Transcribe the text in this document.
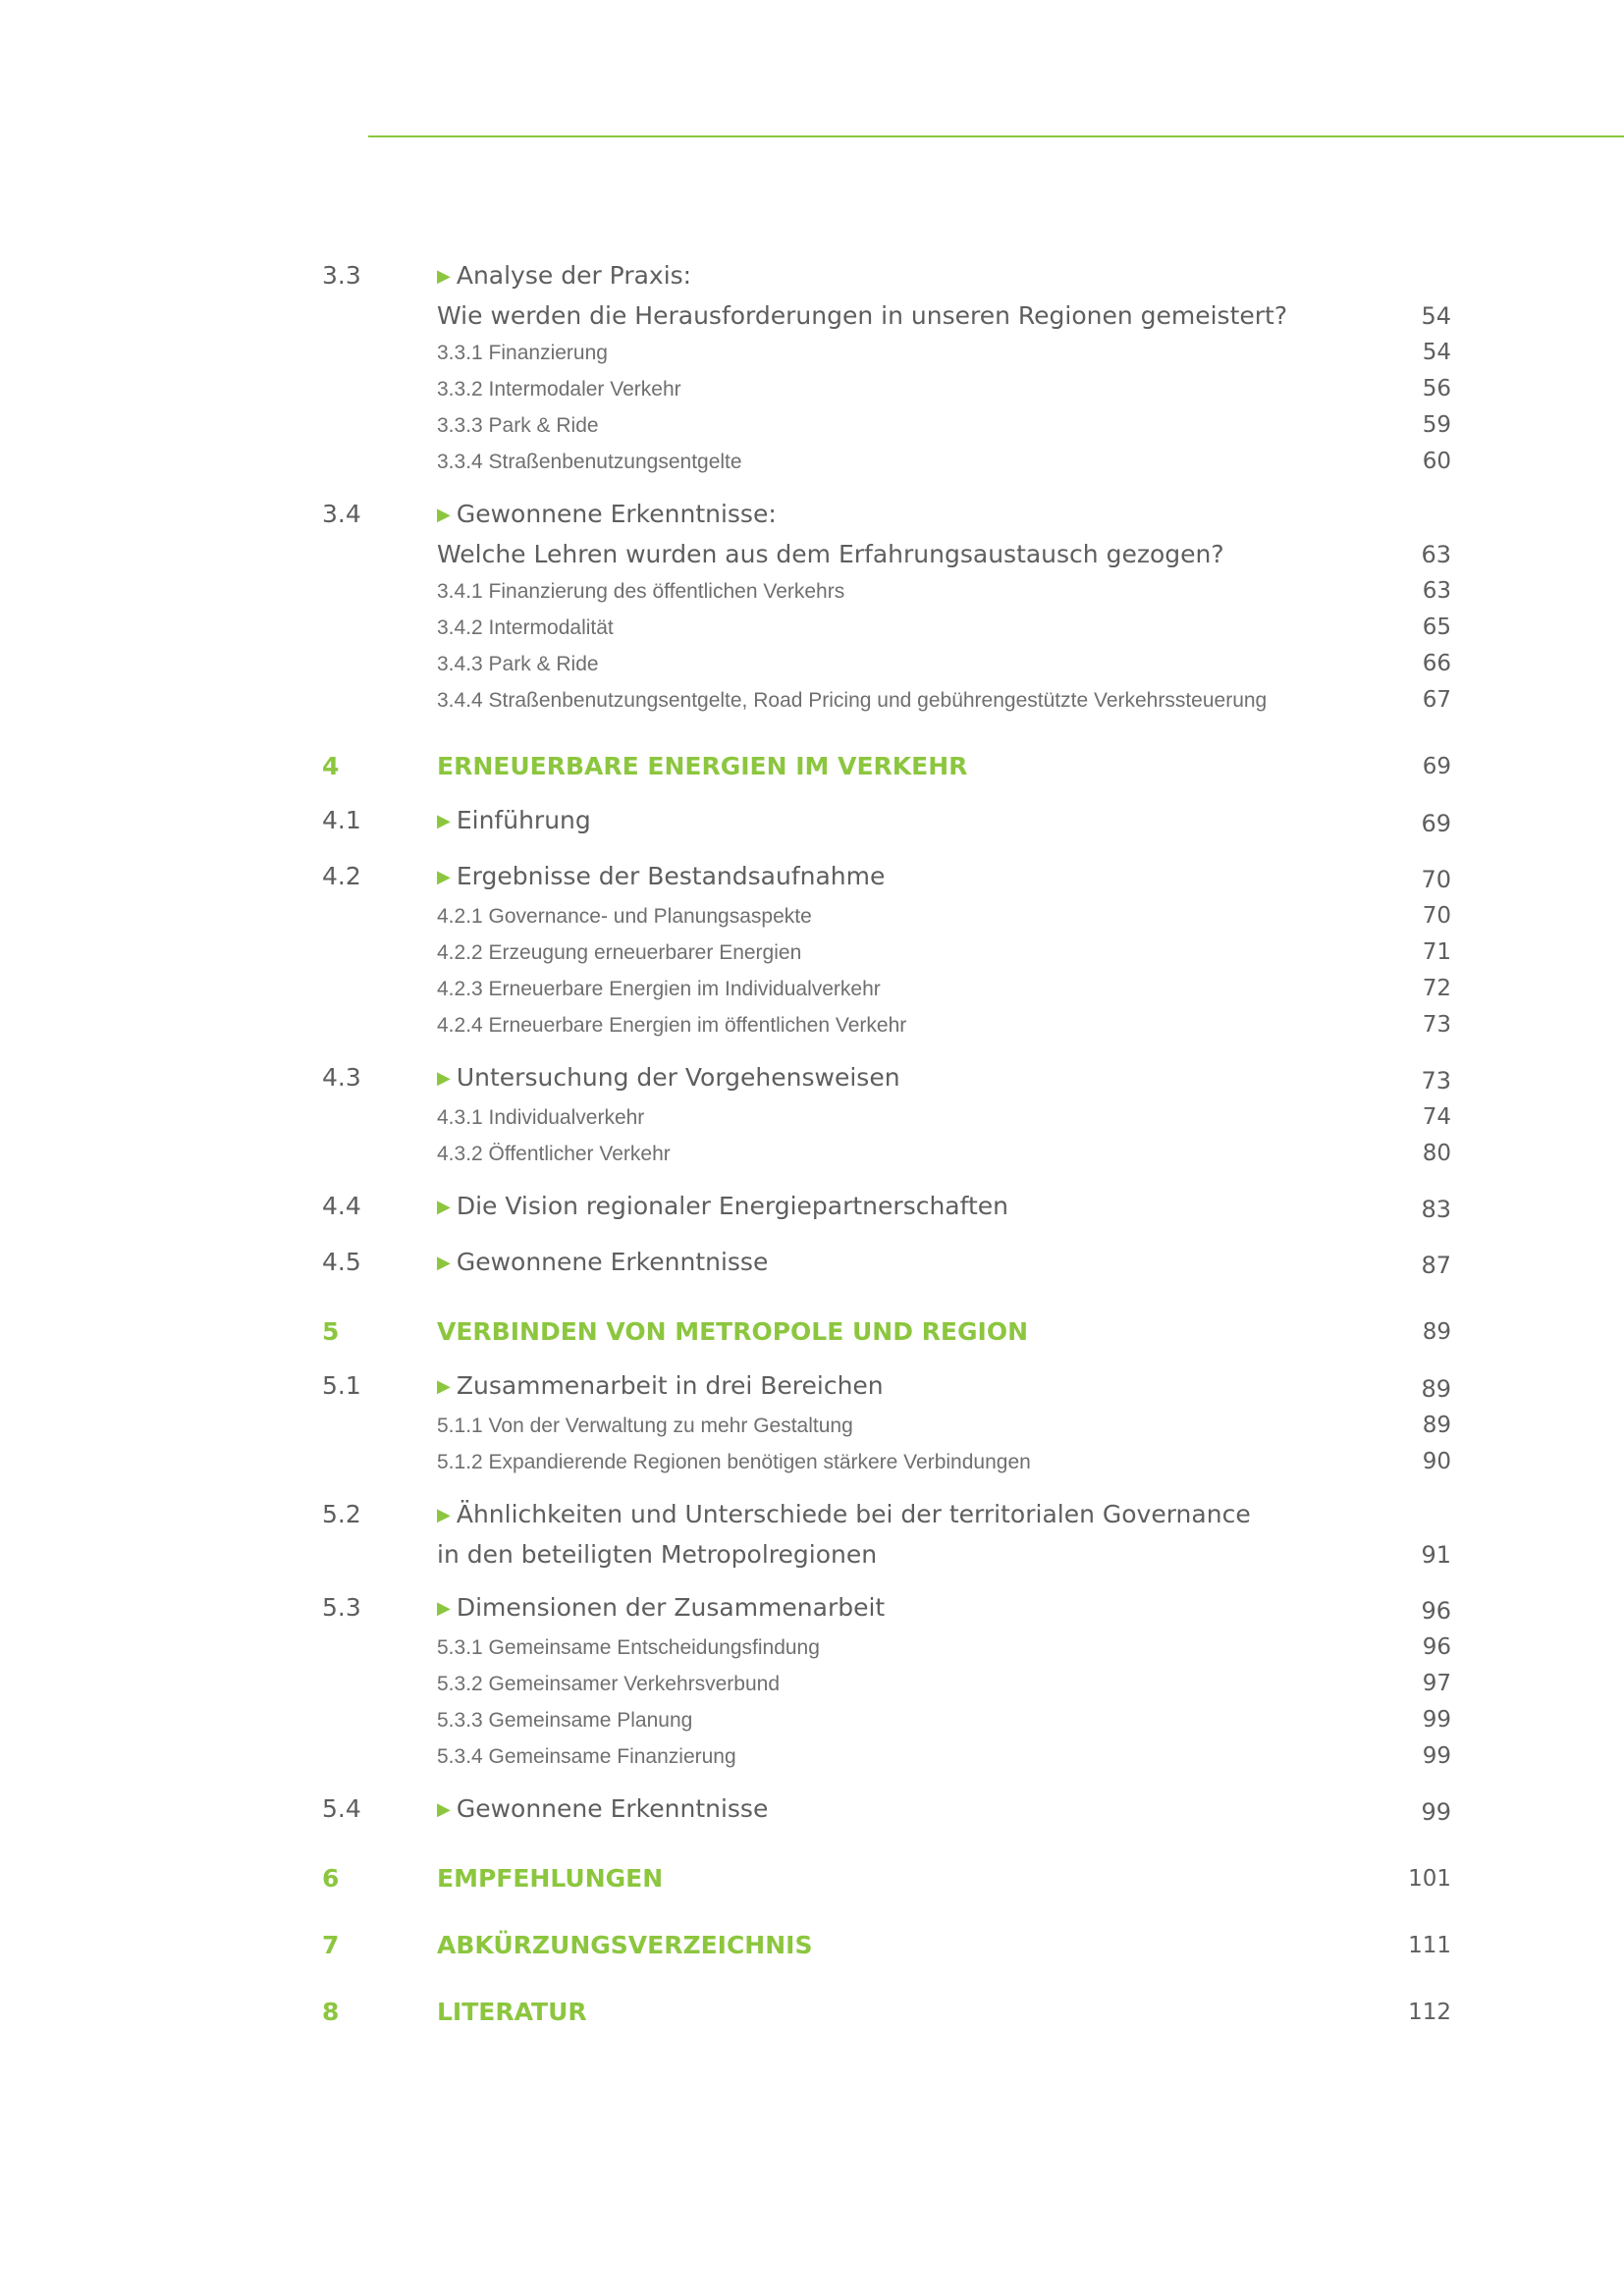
3.3	▶ Analyse der Praxis:
Wie werden die Herausforderungen in unseren Regionen gemeistert?	54
3.3.1 Finanzierung	54
3.3.2 Intermodaler Verkehr	56
3.3.3 Park & Ride	59
3.3.4 Straßenbenutzungsentgelte	60
3.4	▶ Gewonnene Erkenntnisse:
Welche Lehren wurden aus dem Erfahrungsaustausch gezogen?	63
3.4.1 Finanzierung des öffentlichen Verkehrs	63
3.4.2 Intermodalität	65
3.4.3 Park & Ride	66
3.4.4 Straßenbenutzungsentgelte, Road Pricing und gebührengestützte Verkehrssteuerung	67
4	ERNEUERBARE ENERGIEN IM VERKEHR	69
4.1	▶ Einführung	69
4.2	▶ Ergebnisse der Bestandsaufnahme	70
4.2.1 Governance- und Planungsaspekte	70
4.2.2 Erzeugung erneuerbarer Energien	71
4.2.3 Erneuerbare Energien im Individualverkehr	72
4.2.4 Erneuerbare Energien im öffentlichen Verkehr	73
4.3	▶ Untersuchung der Vorgehensweisen	73
4.3.1 Individualverkehr	74
4.3.2 Öffentlicher Verkehr	80
4.4	▶ Die Vision regionaler Energiepartnerschaften	83
4.5	▶ Gewonnene Erkenntnisse	87
5	VERBINDEN VON METROPOLE UND REGION	89
5.1	▶ Zusammenarbeit in drei Bereichen	89
5.1.1 Von der Verwaltung zu mehr Gestaltung	89
5.1.2 Expandierende Regionen benötigen stärkere Verbindungen	90
5.2	▶ Ähnlichkeiten und Unterschiede bei der territorialen Governance
in den beteiligten Metropolregionen	91
5.3	▶ Dimensionen der Zusammenarbeit	96
5.3.1 Gemeinsame Entscheidungsfindung	96
5.3.2 Gemeinsamer Verkehrsverbund	97
5.3.3 Gemeinsame Planung	99
5.3.4 Gemeinsame Finanzierung	99
5.4	▶ Gewonnene Erkenntnisse	99
6	EMPFEHLUNGEN	101
7	ABKÜRZUNGSVERZEICHNIS	111
8	LITERATUR	112
